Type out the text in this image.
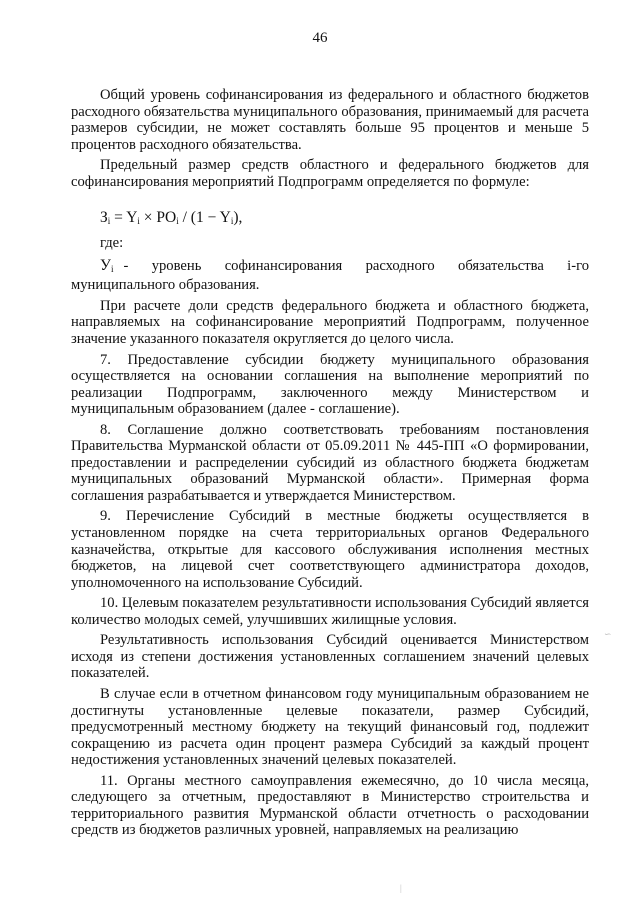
46

Общий уровень софинансирования из федерального и областного бюджетов расходного обязательства муниципального образования, принимаемый для расчета размеров субсидии, не может составлять больше 95 процентов и меньше 5 процентов расходного обязательства.

Предельный размер средств областного и федерального бюджетов для софинансирования мероприятий Подпрограмм определяется по формуле:

$З_i = Y_i \times PO_i / (1 - Y_i)$,
где:
$У_i$ - уровень софинансирования расходного обязательства i-го муниципального образования.

При расчете доли средств федерального бюджета и областного бюджета, направляемых на софинансирование мероприятий Подпрограмм, полученное значение указанного показателя округляется до целого числа.

7. Предоставление субсидии бюджету муниципального образования осуществляется на основании соглашения на выполнение мероприятий по реализации Подпрограмм, заключенного между Министерством и муниципальным образованием (далее - соглашение).

8. Соглашение должно соответствовать требованиям постановления Правительства Мурманской области от 05.09.2011 № 445-ПП «О формировании, предоставлении и распределении субсидий из областного бюджета бюджетам муниципальных образований Мурманской области». Примерная форма соглашения разрабатывается и утверждается Министерством.

9. Перечисление Субсидий в местные бюджеты осуществляется в установленном порядке на счета территориальных органов Федерального казначейства, открытые для кассового обслуживания исполнения местных бюджетов, на лицевой счет соответствующего администратора доходов, уполномоченного на использование Субсидий.

10. Целевым показателем результативности использования Субсидий является количество молодых семей, улучшивших жилищные условия.

Результативность использования Субсидий оценивается Министерством исходя из степени достижения установленных соглашением значений целевых показателей.

В случае если в отчетном финансовом году муниципальным образованием не достигнуты установленные целевые показатели, размер Субсидий, предусмотренный местному бюджету на текущий финансовый год, подлежит сокращению из расчета один процент размера Субсидий за каждый процент недостижения установленных значений целевых показателей.

11. Органы местного самоуправления ежемесячно, до 10 числа месяца, следующего за отчетным, предоставляют в Министерство строительства и территориального развития Мурманской области отчетность о расходовании средств из бюджетов различных уровней, направляемых на реализацию

∽
|
